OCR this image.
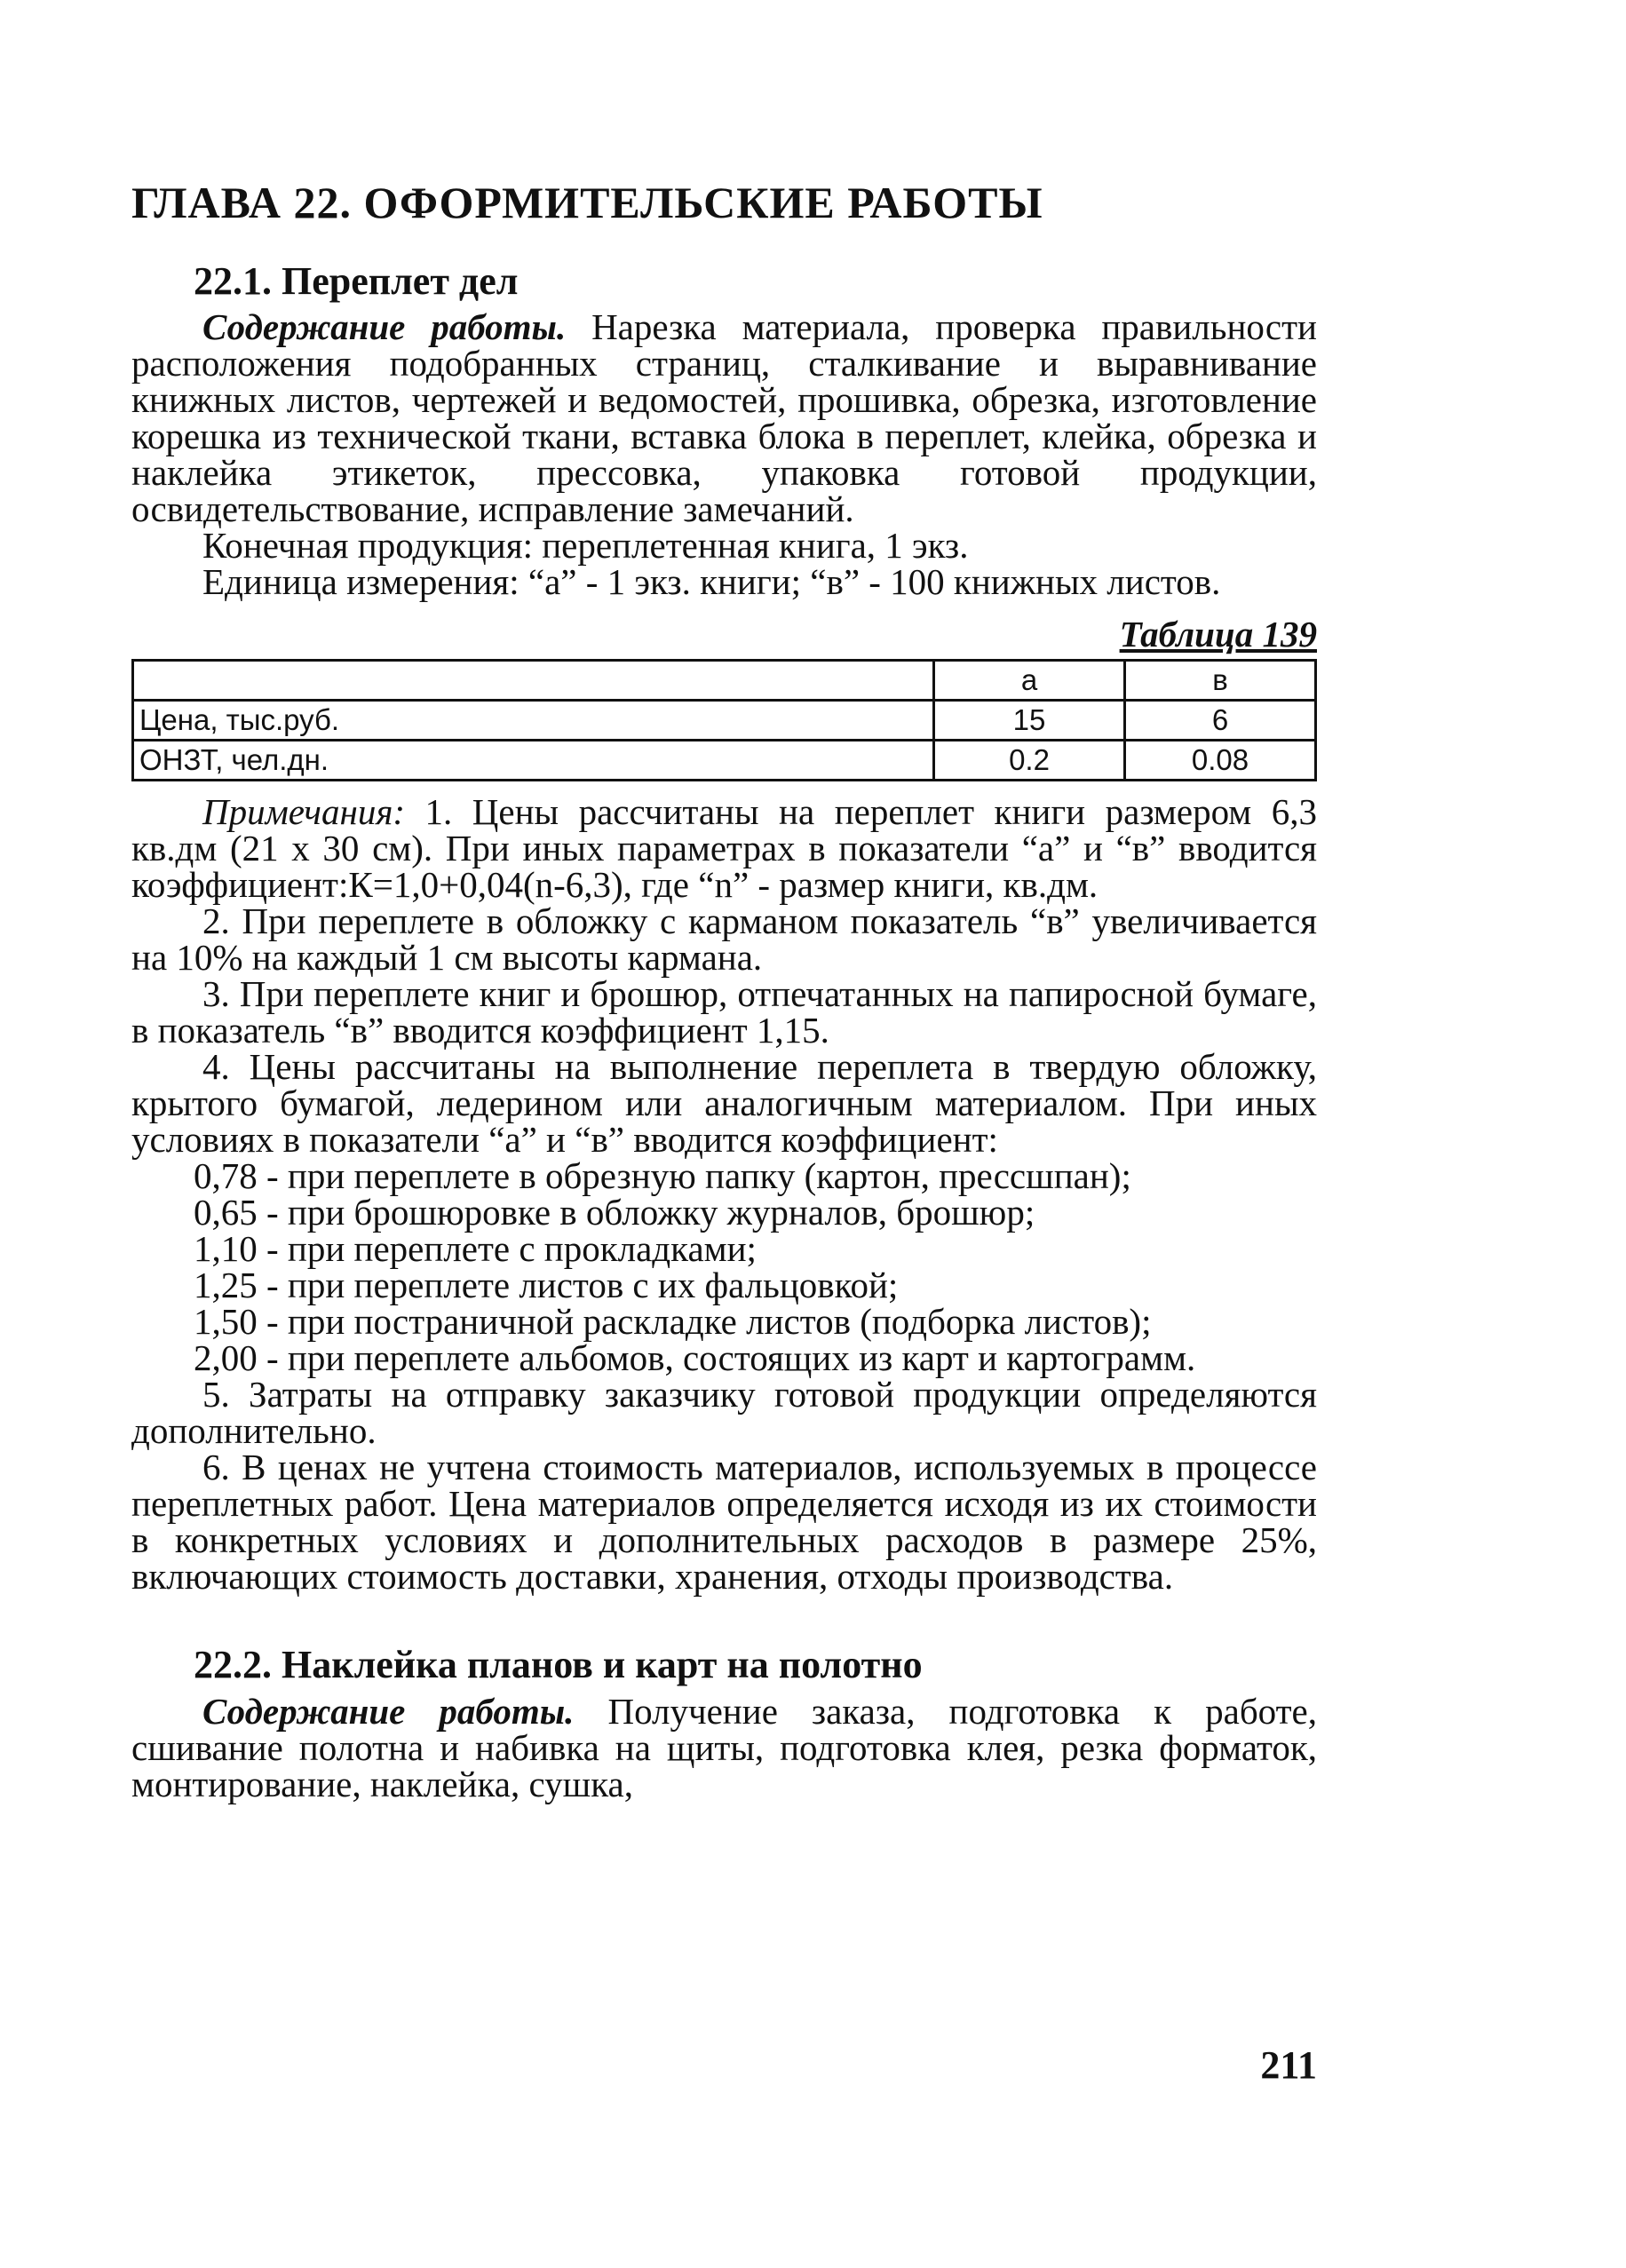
ГЛАВА 22. ОФОРМИТЕЛЬСКИЕ РАБОТЫ
22.1. Переплет дел

Содержание работы. Нарезка материала, проверка правильности расположения подобранных страниц, сталкивание и выравнивание книжных листов, чертежей и ведомостей, прошивка, обрезка, изготовление корешка из технической ткани, вставка блока в переплет, клейка, обрезка и наклейка этикеток, прессовка, упаковка готовой продукции, освидетельствование, исправление замечаний.

Конечная продукция: переплетенная книга, 1 экз.

Единица измерения: “а” - 1 экз. книги; “в” - 100 книжных листов.

Таблица 139
	а	в
Цена, тыс.руб.	15	6
ОНЗТ, чел.дн.	0.2	0.08

Примечания: 1. Цены рассчитаны на переплет книги размером 6,3 кв.дм (21 х 30 см). При иных параметрах в показатели “а” и “в” вводится коэффициент:К=1,0+0,04(n-6,3), где “n” - размер книги, кв.дм.

2. При переплете в обложку с карманом показатель “в” увеличивается на 10% на каждый 1 см высоты кармана.

3. При переплете книг и брошюр, отпечатанных на папиросной бумаге, в показатель “в” вводится коэффициент 1,15.

4. Цены рассчитаны на выполнение переплета в твердую обложку, крытого бумагой, ледерином или аналогичным материалом. При иных условиях в показатели “а” и “в” вводится коэффициент:

0,78 - при переплете в обрезную папку (картон, прессшпан);

0,65 - при брошюровке в обложку журналов, брошюр;

1,10 - при переплете с прокладками;

1,25 - при переплете листов с их фальцовкой;

1,50 - при постраничной раскладке листов (подборка листов);

2,00 - при переплете альбомов, состоящих из карт и картограмм.

5. Затраты на отправку заказчику готовой продукции определяются дополнительно.

6. В ценах не учтена стоимость материалов, используемых в процессе переплетных работ. Цена материалов определяется исходя из их стоимости в конкретных условиях и дополнительных расходов в размере 25%, включающих стоимость доставки, хранения, отходы производства.

22.2. Наклейка планов и карт на полотно

Содержание работы. Получение заказа, подготовка к работе, сшивание полотна и набивка на щиты, подготовка клея, резка форматок, монтирование, наклейка, сушка,

211
